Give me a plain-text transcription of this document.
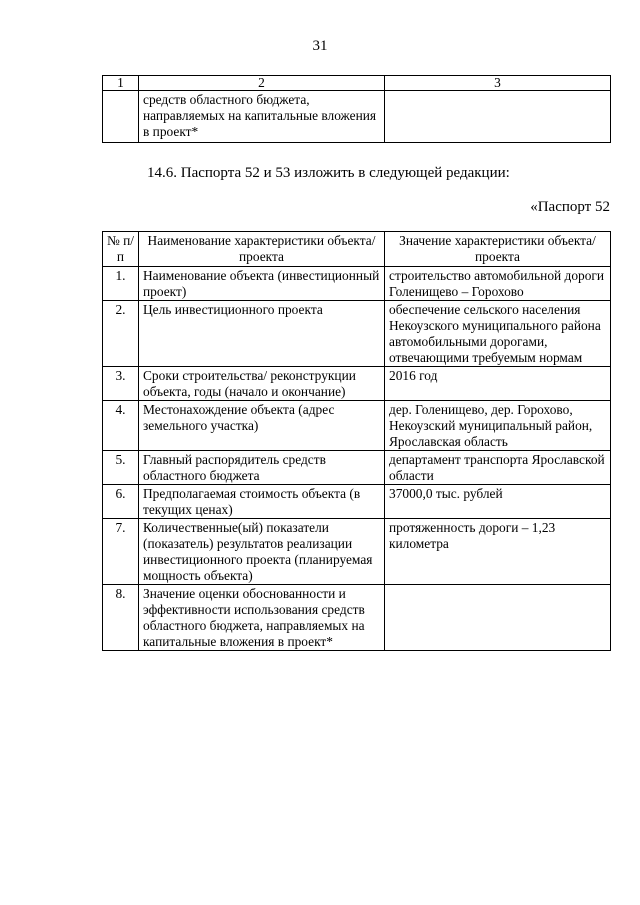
31
1	2	3
	средств областного бюджета, направляемых на капитальные вложения в проект*	
14.6. Паспорта 52 и 53 изложить в следующей редакции:
«Паспорт 52
№ п/п	Наименование характеристики объекта/проекта	Значение характеристики объекта/проекта
1.	Наименование объекта (инвестиционный проект)	строительство автомобильной дороги Голенищево – Горохово
2.	Цель инвестиционного проекта	обеспечение сельского населения Некоузского муниципального района автомобильными дорогами, отвечающими требуемым нормам
3.	Сроки строительства/ реконструкции объекта, годы (начало и окончание)	2016 год
4.	Местонахождение объекта (адрес земельного участка)	дер. Голенищево, дер. Горохово, Некоузский муниципальный район, Ярославская область
5.	Главный распорядитель средств областного бюджета	департамент транспорта Ярославской области
6.	Предполагаемая стоимость объекта (в текущих ценах)	37000,0 тыс. рублей
7.	Количественные(ый) показатели (показатель) результатов реализации инвестиционного проекта (планируемая мощность объекта)	протяженность дороги – 1,23 километра
8.	Значение оценки обоснованности и эффективности использования средств областного бюджета, направляемых на капитальные вложения в проект*	
